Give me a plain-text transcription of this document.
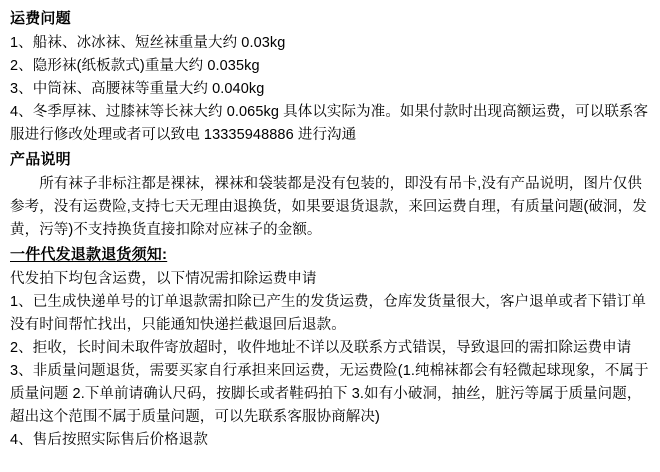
运费问题
1、船袜、冰冰袜、短丝袜重量大约 0.03kg
2、隐形袜(纸板款式)重量大约 0.035kg
3、中筒袜、高腰袜等重量大约 0.040kg
4、冬季厚袜、过膝袜等长袜大约 0.065kg 具体以实际为准。如果付款时出现高额运费，可以联系客服进行修改处理或者可以致电 13335948886 进行沟通
产品说明
　　所有袜子非标注都是裸袜，裸袜和袋装都是没有包装的，即没有吊卡,没有产品说明，图片仅供参考，没有运费险,支持七天无理由退换货，如果要退货退款，来回运费自理，有质量问题(破洞，发黄，污等)不支持换货直接扣除对应袜子的金额。
一件代发退款退货须知:
代发拍下均包含运费，以下情况需扣除运费申请
1、已生成快递单号的订单退款需扣除已产生的发货运费，仓库发货量很大，客户退单或者下错订单没有时间帮忙找出，只能通知快递拦截退回后退款。
2、拒收，长时间未取件寄放超时，收件地址不详以及联系方式错误，导致退回的需扣除运费申请
3、非质量问题退货，需要买家自行承担来回运费，无运费险(1.纯棉袜都会有轻微起球现象，不属于质量问题 2.下单前请确认尺码，按脚长或者鞋码拍下 3.如有小破洞，抽丝，脏污等属于质量问题，超出这个范围不属于质量问题，可以先联系客服协商解决)
4、售后按照实际售后价格退款
